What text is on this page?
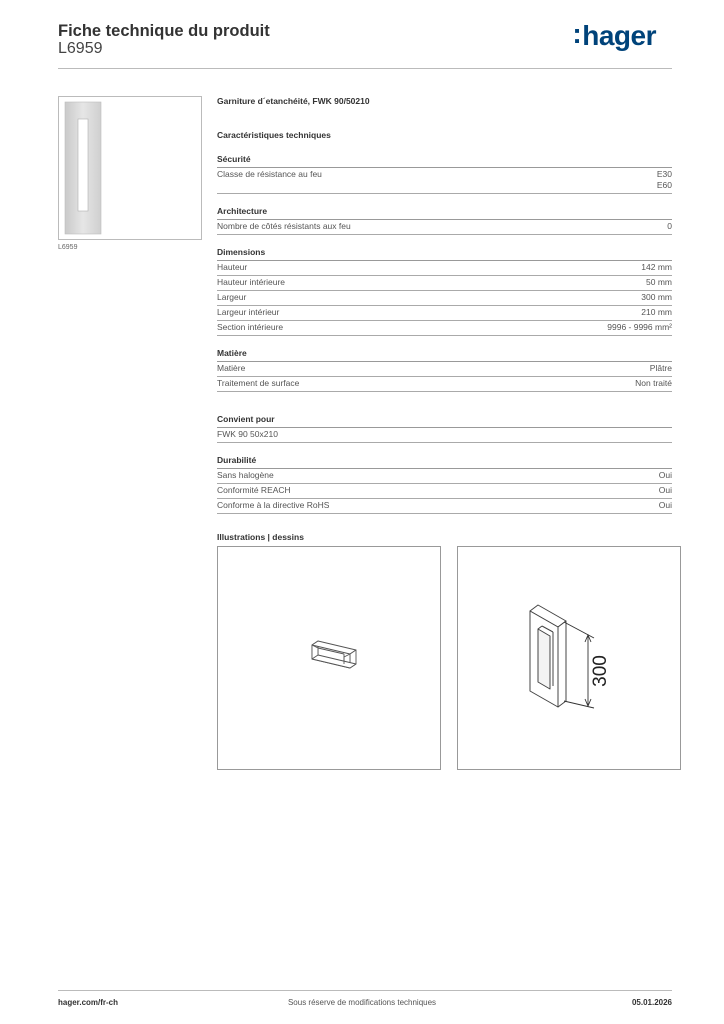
Fiche technique du produit
L6959	:hager
L6959
Garniture d´etanchéité, FWK 90/50210
Caractéristiques techniques
Sécurité
Classe de résistance au feu	E30
E60
Architecture
Nombre de côtés résistants aux feu	0
Dimensions
Hauteur	142 mm
Hauteur intérieure	50 mm
Largeur	300 mm
Largeur intérieur	210 mm
Section intérieure	9996 - 9996 mm²
Matière
Matière	Plâtre
Traitement de surface	Non traité
Convient pour
FWK 90 50x210
Durabilité
Sans halogène	Oui
Conformité REACH	Oui
Conforme à la directive RoHS	Oui
Illustrations | dessins
300
hager.com/fr-ch	Sous réserve de modifications techniques	05.01.2026
